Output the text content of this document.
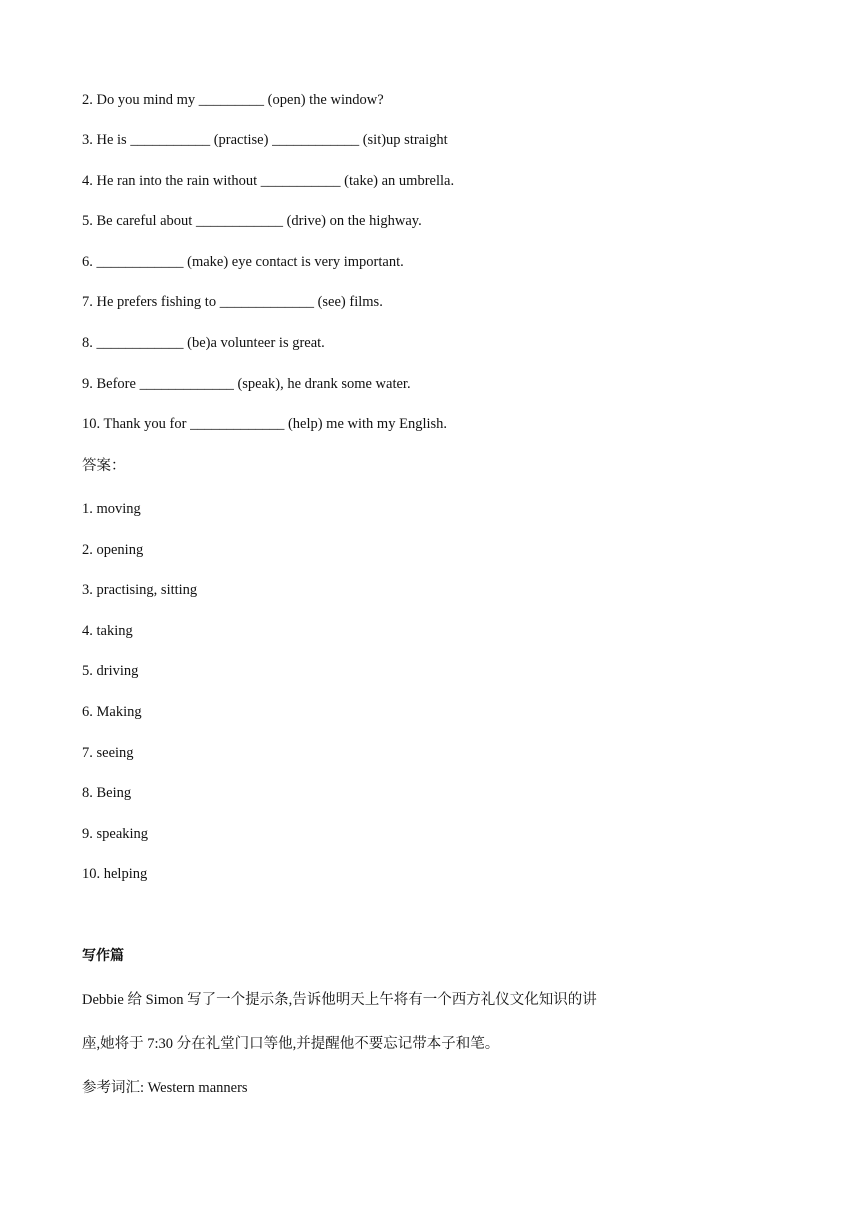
2. Do you mind my _________ (open) the window?
3. He is ___________ (practise) ____________ (sit)up straight
4. He ran into the rain without ___________ (take) an umbrella.
5. Be careful about ____________ (drive) on the highway.
6. ____________ (make) eye contact is very important.
7. He prefers fishing to _____________ (see) films.
8. ____________ (be)a volunteer is great.
9. Before _____________ (speak), he drank some water.
10. Thank you for _____________ (help) me with my English.
答案：
1. moving
2. opening
3. practising, sitting
4. taking
5. driving
6. Making
7. seeing
8. Being
9. speaking
10. helping
写作篇
Debbie 给 Simon 写了一个提示条,告诉他明天上午将有一个西方礼仪文化知识的讲
座,她将于 7:30 分在礼堂门口等他,并提醒他不要忘记带本子和笔。
参考词汇: Western manners
